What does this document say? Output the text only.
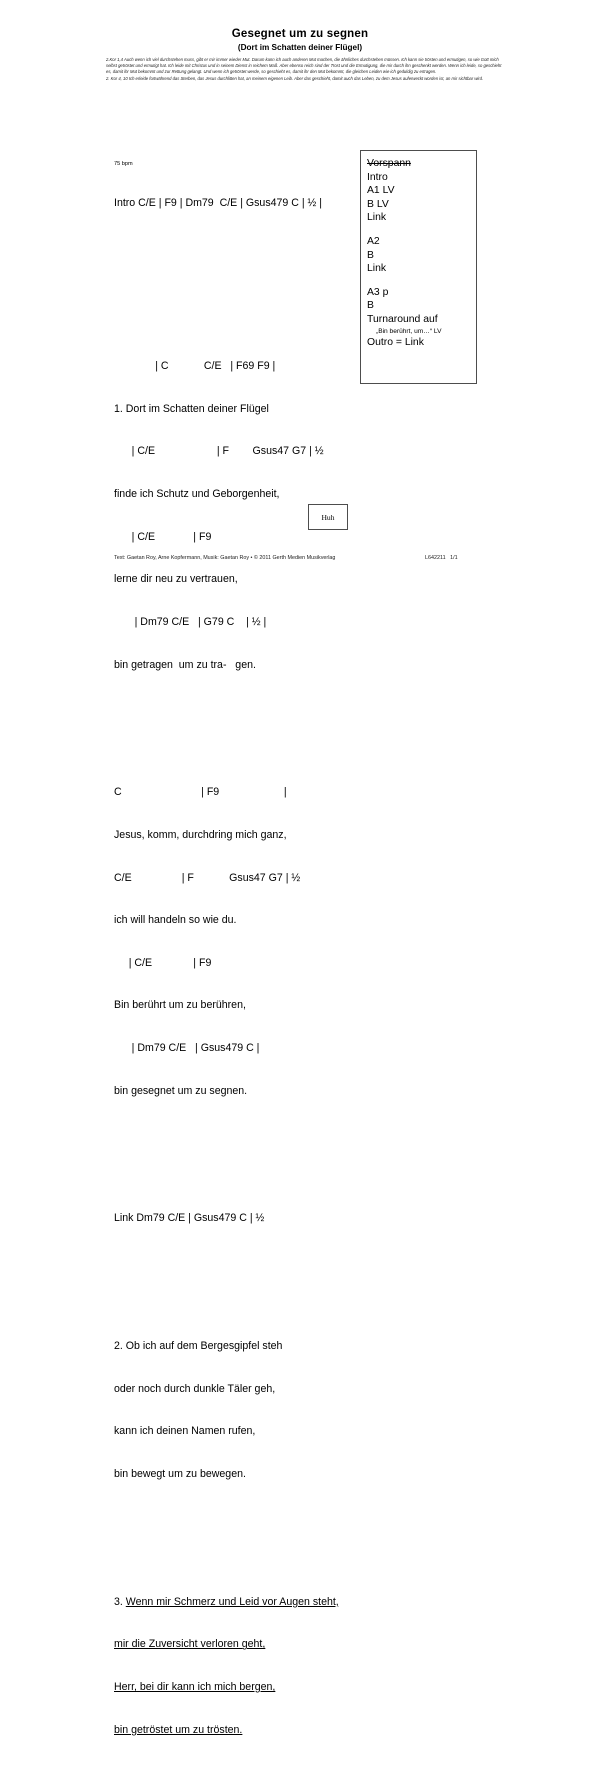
Gesegnet um zu segnen
(Dort im Schatten deiner Flügel)

2.Kor 1,4 Auch wenn ich viel durchstehen muss, gibt er mir immer wieder Mut. Darum kann ich auch anderen Mut machen, die ähnliches durchstehen müssen. Ich kann sie trösten und ermutigen, so wie Gott mich selbst getröstet und ermutigt hat. Ich leide mit Christus und in seinem Dienst in reichem Maß. Aber ebenso reich sind der Trost und die Ermutigung, die mir durch ihn geschenkt werden. Wenn ich leide, so geschieht es, damit ihr Mut bekommt und zur Rettung gelangt. Und wenn ich getröstet werde, so geschieht es, damit ihr den Mut bekommt, die gleichen Leiden wie ich geduldig zu ertragen.

2. Kor 4, 10 Ich erleide fortwährend das Sterben, das Jesus durchlitten hat, an meinem eigenen Leib. Aber das geschieht, damit auch das Leben, zu dem Jesus auferweckt worden ist, an mir sichtbar wird.

75 bpm

Intro C/E | F9 | Dm79  C/E | Gsus479 C | ½ |

| C            C/E   | F69 F9 |

1. Dort im Schatten deiner Flügel

| C/E                     | F        Gsus47 G7 | ½

finde ich Schutz und Geborgenheit,

| C/E             | F9

lerne dir neu zu vertrauen,

| Dm79 C/E   | G79 C    | ½ |

bin getragen  um zu tra-   gen.

C                           | F9                      |

Jesus, komm, durchdring mich ganz,

C/E                 | F            Gsus47 G7 | ½

ich will handeln so wie du.

| C/E              | F9

Bin berührt um zu berühren,

| Dm79 C/E   | Gsus479 C |

bin gesegnet um zu segnen.

Link Dm79 C/E | Gsus479 C | ½

2. Ob ich auf dem Bergesgipfel steh

oder noch durch dunkle Täler geh,

kann ich deinen Namen rufen,

bin bewegt um zu bewegen.

3. Wenn mir Schmerz und Leid vor Augen steht,

mir die Zuversicht verloren geht,

Herr, bei dir kann ich mich bergen,

bin getröstet um zu trösten.

Vorspann
Intro
A1 LV
B LV
Link
A2
B
Link
A3 p
B
Turnaround auf
„Bin berührt, um…“ LV
Outro = Link
Huh
Text: Gaetan Roy, Arne Kopfermann, Musik: Gaetan Roy • © 2011 Gerth Medien Musikverlag	L642211   1/1
